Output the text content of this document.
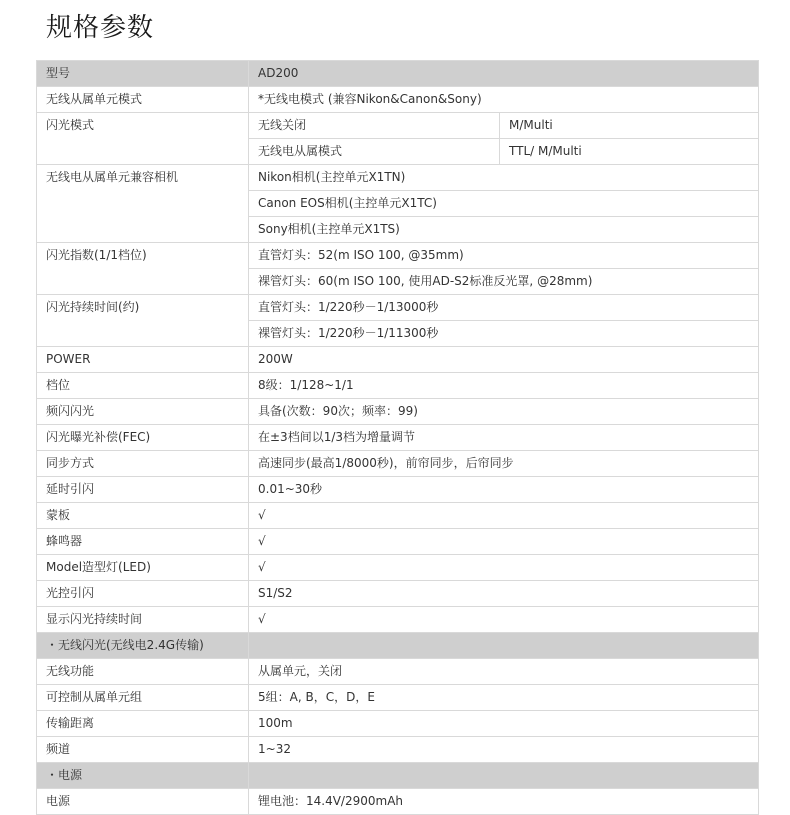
规格参数
型号	AD200	
无线从属单元模式	*无线电模式 (兼容Nikon&Canon&Sony)	
闪光模式	无线关闭	M/Multi
	无线电从属模式	TTL/ M/Multi
无线电从属单元兼容相机	Nikon相机(主控单元X1TN)	
	Canon EOS相机(主控单元X1TC)	
	Sony相机(主控单元X1TS)	
闪光指数(1/1档位)	直管灯头：52(m ISO 100, @35mm)	
	裸管灯头：60(m ISO 100, 使用AD-S2标准反光罩, @28mm)	
闪光持续时间(约)	直管灯头：1/220秒－1/13000秒	
	裸管灯头：1/220秒－1/11300秒	
POWER	200W	
档位	8级：1/128~1/1	
频闪闪光	具备(次数：90次；频率：99)	
闪光曝光补偿(FEC)	在±3档间以1/3档为增量调节	
同步方式	高速同步(最高1/8000秒)，前帘同步，后帘同步	
延时引闪	0.01~30秒	
蒙板	√	
蜂鸣器	√	
Model造型灯(LED)	√	
光控引闪	S1/S2	
显示闪光持续时间	√	
・无线闪光(无线电2.4G传输)		
无线功能	从属单元，关闭	
可控制从属单元组	5组：A, B，C，D，E	
传输距离	100m	
频道	1~32	
・电源		
电源	锂电池：14.4V/2900mAh	
